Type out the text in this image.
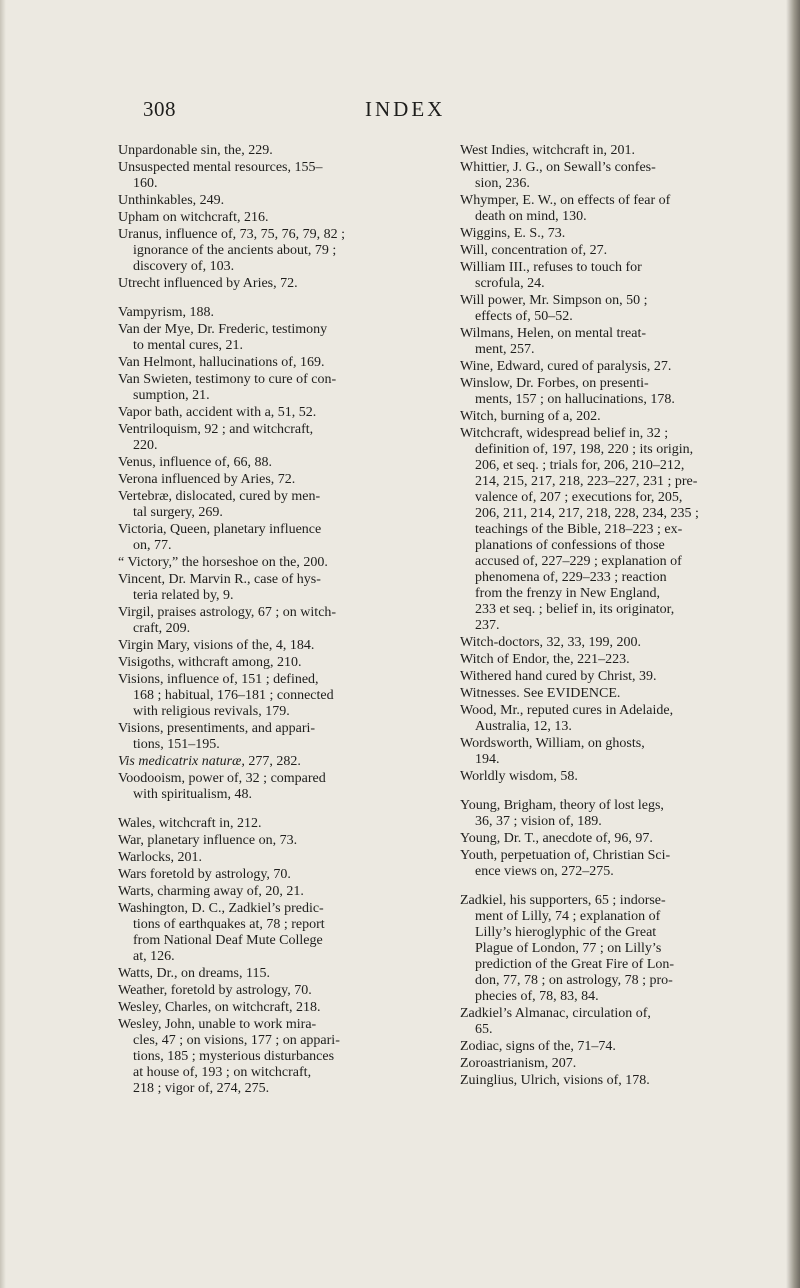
308	INDEX
Unpardonable sin, the, 229.
Unsuspected mental resources, 155–
160.
Unthinkables, 249.
Upham on witchcraft, 216.
Uranus, influence of, 73, 75, 76, 79, 82 ;
ignorance of the ancients about, 79 ;
discovery of, 103.
Utrecht influenced by Aries, 72.
Vampyrism, 188.
Van der Mye, Dr. Frederic, testimony
to mental cures, 21.
Van Helmont, hallucinations of, 169.
Van Swieten, testimony to cure of con-
sumption, 21.
Vapor bath, accident with a, 51, 52.
Ventriloquism, 92 ; and witchcraft,
220.
Venus, influence of, 66, 88.
Verona influenced by Aries, 72.
Vertebræ, dislocated, cured by men-
tal surgery, 269.
Victoria, Queen, planetary influence
on, 77.
“ Victory,” the horseshoe on the, 200.
Vincent, Dr. Marvin R., case of hys-
teria related by, 9.
Virgil, praises astrology, 67 ; on witch-
craft, 209.
Virgin Mary, visions of the, 4, 184.
Visigoths, withcraft among, 210.
Visions, influence of, 151 ; defined,
168 ; habitual, 176–181 ; connected
with religious revivals, 179.
Visions, presentiments, and appari-
tions, 151–195.
Vis medicatrix naturæ, 277, 282.
Voodooism, power of, 32 ; compared
with spiritualism, 48.
Wales, witchcraft in, 212.
War, planetary influence on, 73.
Warlocks, 201.
Wars foretold by astrology, 70.
Warts, charming away of, 20, 21.
Washington, D. C., Zadkiel’s predic-
tions of earthquakes at, 78 ; report
from National Deaf Mute College
at, 126.
Watts, Dr., on dreams, 115.
Weather, foretold by astrology, 70.
Wesley, Charles, on witchcraft, 218.
Wesley, John, unable to work mira-
cles, 47 ; on visions, 177 ; on appari-
tions, 185 ; mysterious disturbances
at house of, 193 ; on witchcraft,
218 ; vigor of, 274, 275.
West Indies, witchcraft in, 201.
Whittier, J. G., on Sewall’s confes-
sion, 236.
Whymper, E. W., on effects of fear of
death on mind, 130.
Wiggins, E. S., 73.
Will, concentration of, 27.
William III., refuses to touch for
scrofula, 24.
Will power, Mr. Simpson on, 50 ;
effects of, 50–52.
Wilmans, Helen, on mental treat-
ment, 257.
Wine, Edward, cured of paralysis, 27.
Winslow, Dr. Forbes, on presenti-
ments, 157 ; on hallucinations, 178.
Witch, burning of a, 202.
Witchcraft, widespread belief in, 32 ;
definition of, 197, 198, 220 ; its origin,
206, et seq. ; trials for, 206, 210–212,
214, 215, 217, 218, 223–227, 231 ; pre-
valence of, 207 ; executions for, 205,
206, 211, 214, 217, 218, 228, 234, 235 ;
teachings of the Bible, 218–223 ; ex-
planations of confessions of those
accused of, 227–229 ; explanation of
phenomena of, 229–233 ; reaction
from the frenzy in New England,
233 et seq. ; belief in, its originator,
237.
Witch-doctors, 32, 33, 199, 200.
Witch of Endor, the, 221–223.
Withered hand cured by Christ, 39.
Witnesses. See EVIDENCE.
Wood, Mr., reputed cures in Adelaide,
Australia, 12, 13.
Wordsworth, William, on ghosts,
194.
Worldly wisdom, 58.
Young, Brigham, theory of lost legs,
36, 37 ; vision of, 189.
Young, Dr. T., anecdote of, 96, 97.
Youth, perpetuation of, Christian Sci-
ence views on, 272–275.
Zadkiel, his supporters, 65 ; indorse-
ment of Lilly, 74 ; explanation of
Lilly’s hieroglyphic of the Great
Plague of London, 77 ; on Lilly’s
prediction of the Great Fire of Lon-
don, 77, 78 ; on astrology, 78 ; pro-
phecies of, 78, 83, 84.
Zadkiel’s Almanac, circulation of,
65.
Zodiac, signs of the, 71–74.
Zoroastrianism, 207.
Zuinglius, Ulrich, visions of, 178.
